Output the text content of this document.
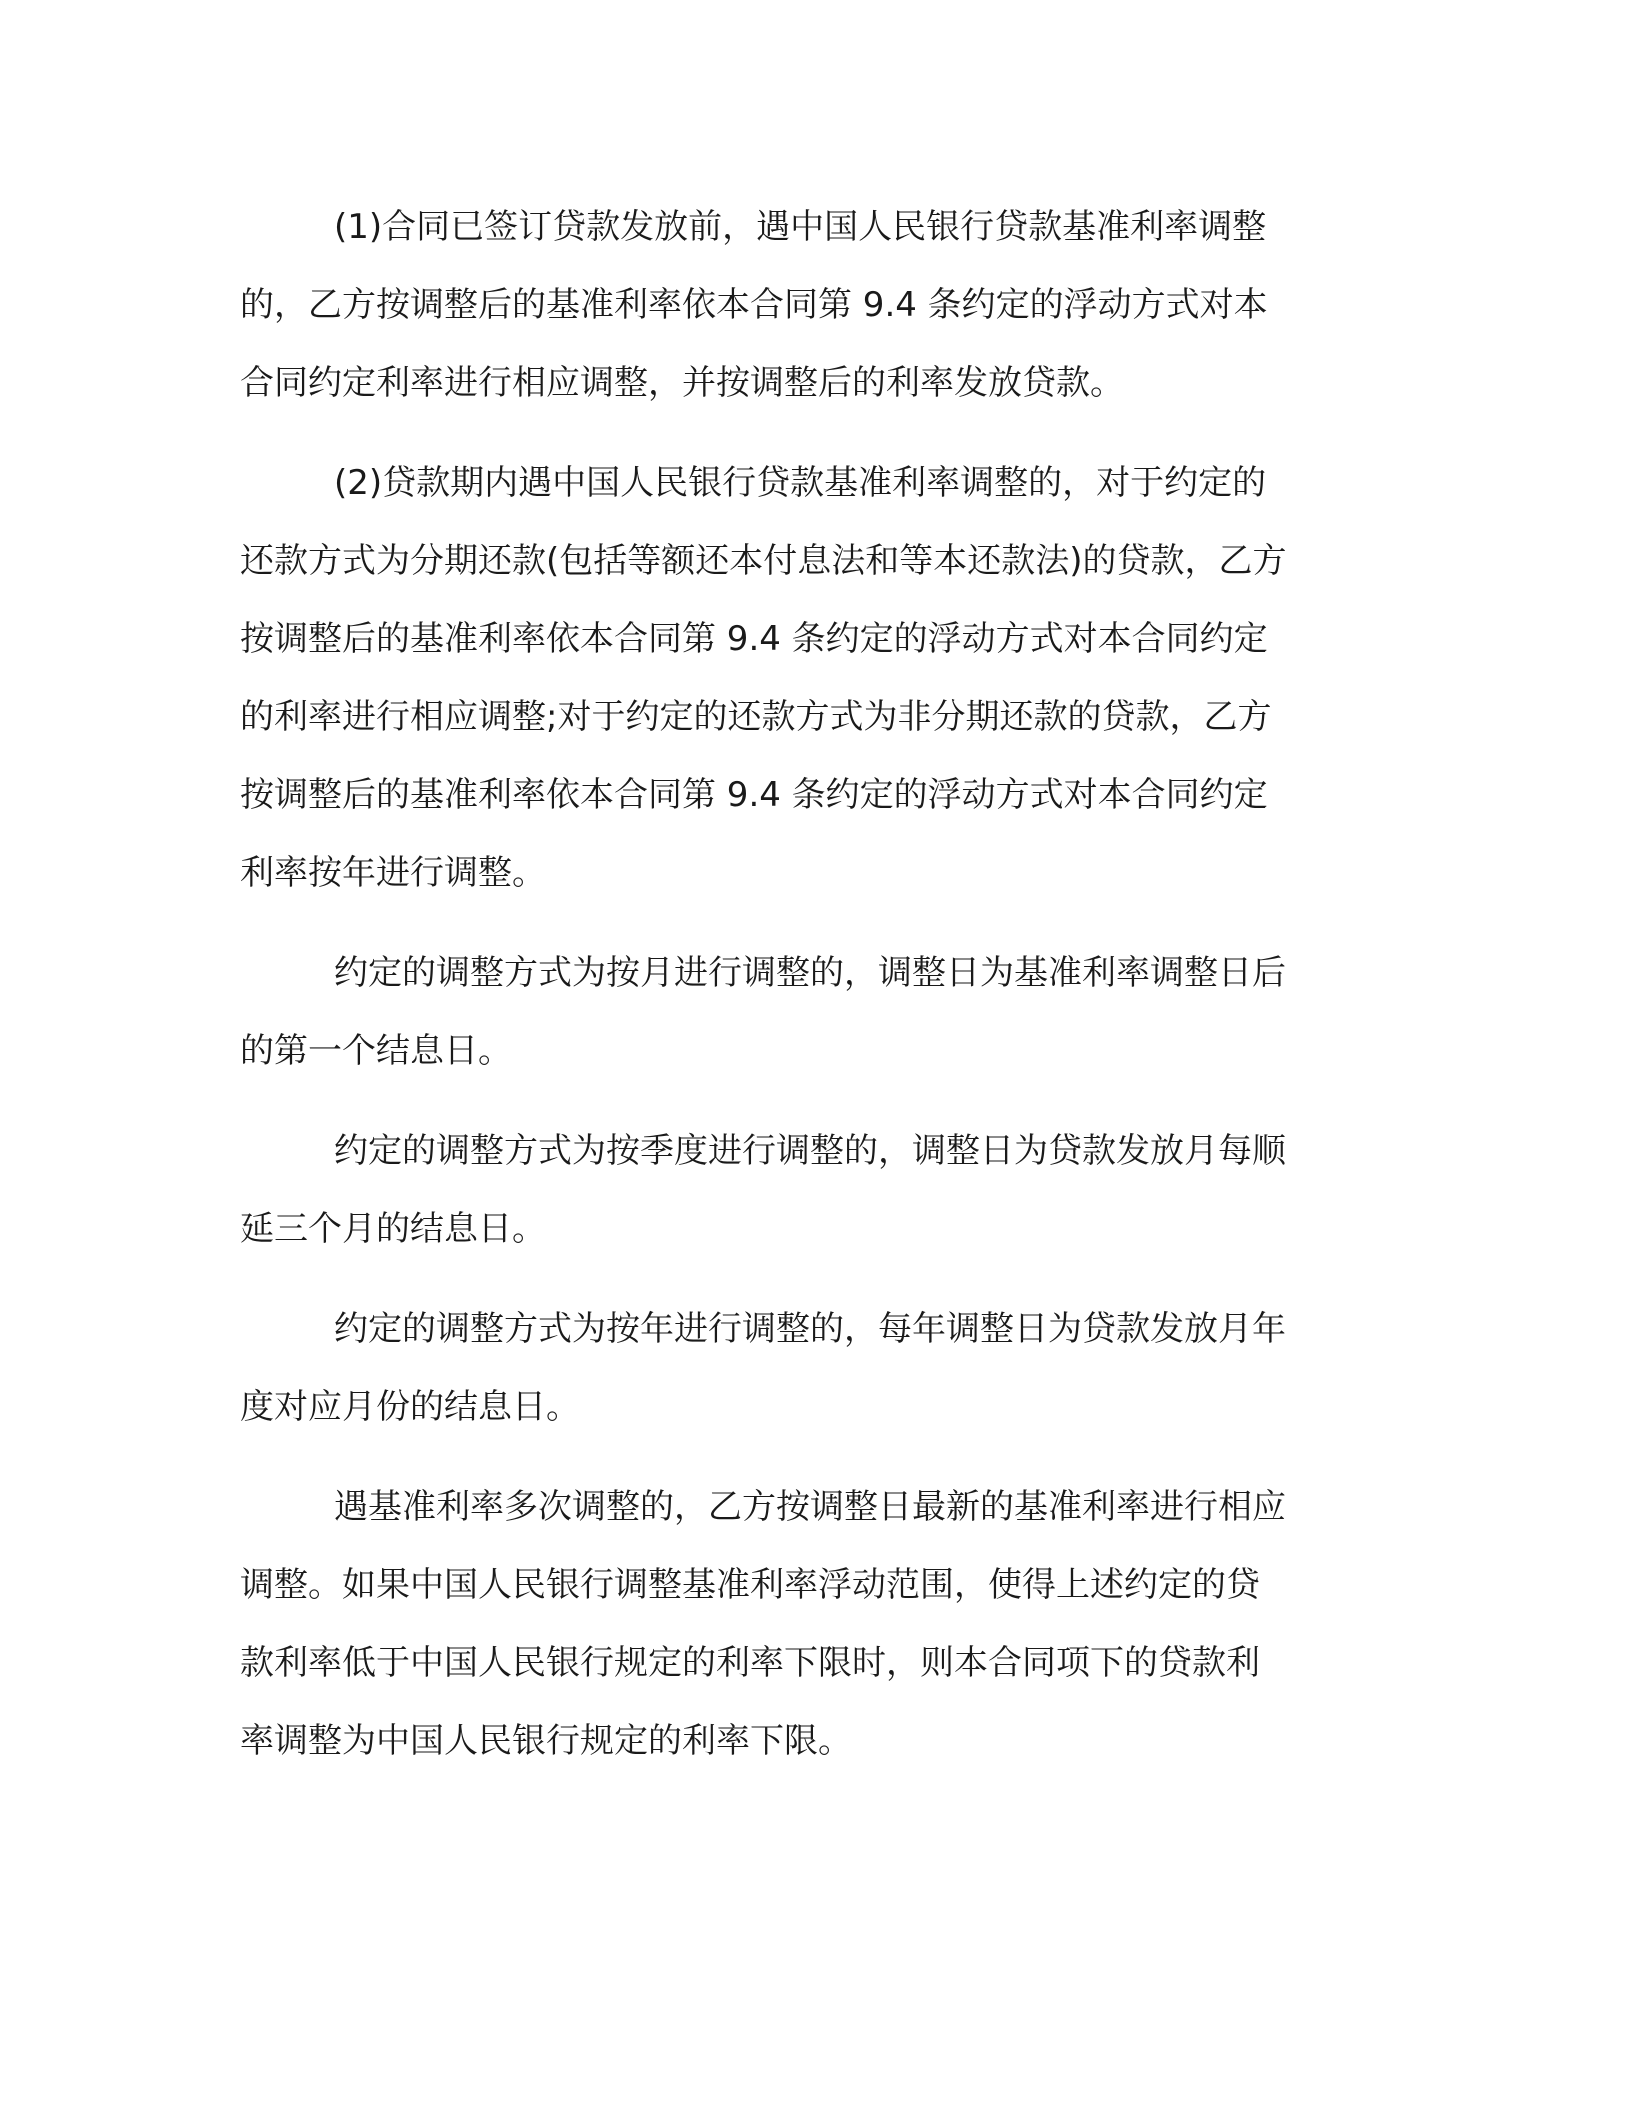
(1)合同已签订贷款发放前，遇中国人民银行贷款基准利率调整
的，乙方按调整后的基准利率依本合同第 9.4 条约定的浮动方式对本
合同约定利率进行相应调整，并按调整后的利率发放贷款。

(2)贷款期内遇中国人民银行贷款基准利率调整的，对于约定的
还款方式为分期还款(包括等额还本付息法和等本还款法)的贷款，乙方
按调整后的基准利率依本合同第 9.4 条约定的浮动方式对本合同约定
的利率进行相应调整;对于约定的还款方式为非分期还款的贷款，乙方
按调整后的基准利率依本合同第 9.4 条约定的浮动方式对本合同约定
利率按年进行调整。

约定的调整方式为按月进行调整的，调整日为基准利率调整日后
的第一个结息日。

约定的调整方式为按季度进行调整的，调整日为贷款发放月每顺
延三个月的结息日。

约定的调整方式为按年进行调整的，每年调整日为贷款发放月年
度对应月份的结息日。

遇基准利率多次调整的，乙方按调整日最新的基准利率进行相应
调整。如果中国人民银行调整基准利率浮动范围，使得上述约定的贷
款利率低于中国人民银行规定的利率下限时，则本合同项下的贷款利
率调整为中国人民银行规定的利率下限。
